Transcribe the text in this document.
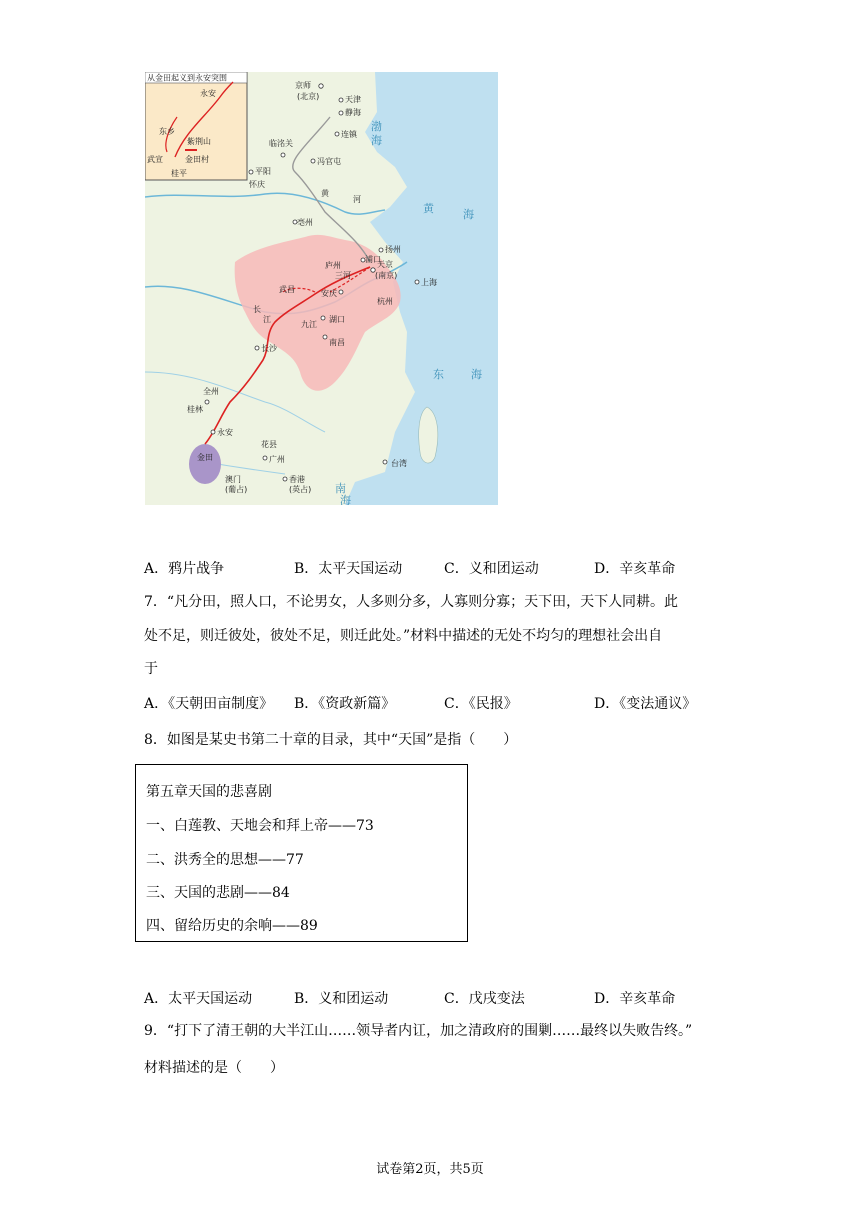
从金田起义到永安突围
永安
东乡
紫荆山
金田村
武宣
桂平
渤
海
黄	海
东 海
南
海
黄
河
长
江
京师
(北京)	天津
静海
连镇
临洺关
冯官屯
平阳
怀庆
亳州
扬州
浦口
庐州
三河
天京
(南京)
上海
武昌	安庆
杭州
九江
湖口
南昌
长沙
全州
桂林
永安
金田
花县
广州
澳门
(葡占)
香港
(英占)
台湾
A．鸦片战争	B．太平天国运动	C．义和团运动	D．辛亥革命
7．“凡分田，照人口，不论男女，人多则分多，人寡则分寡；天下田，天下人同耕。此
处不足，则迁彼处，彼处不足，则迁此处。”材料中描述的无处不均匀的理想社会出自
于
A．《天朝田亩制度》 B．《资政新篇》	C．《民报》	D．《变法通议》
8．如图是某史书第二十章的目录，其中“天国”是指（　　）
第五章天国的悲喜剧
一、白莲教、天地会和拜上帝——73
二、洪秀全的思想——77
三、天国的悲剧——84
四、留给历史的余响——89
A．太平天国运动	B．义和团运动	C．戊戌变法	D．辛亥革命
9．“打下了清王朝的大半江山……领导者内讧，加之清政府的围剿……最终以失败告终。”
材料描述的是（　　）
试卷第2页，共5页
